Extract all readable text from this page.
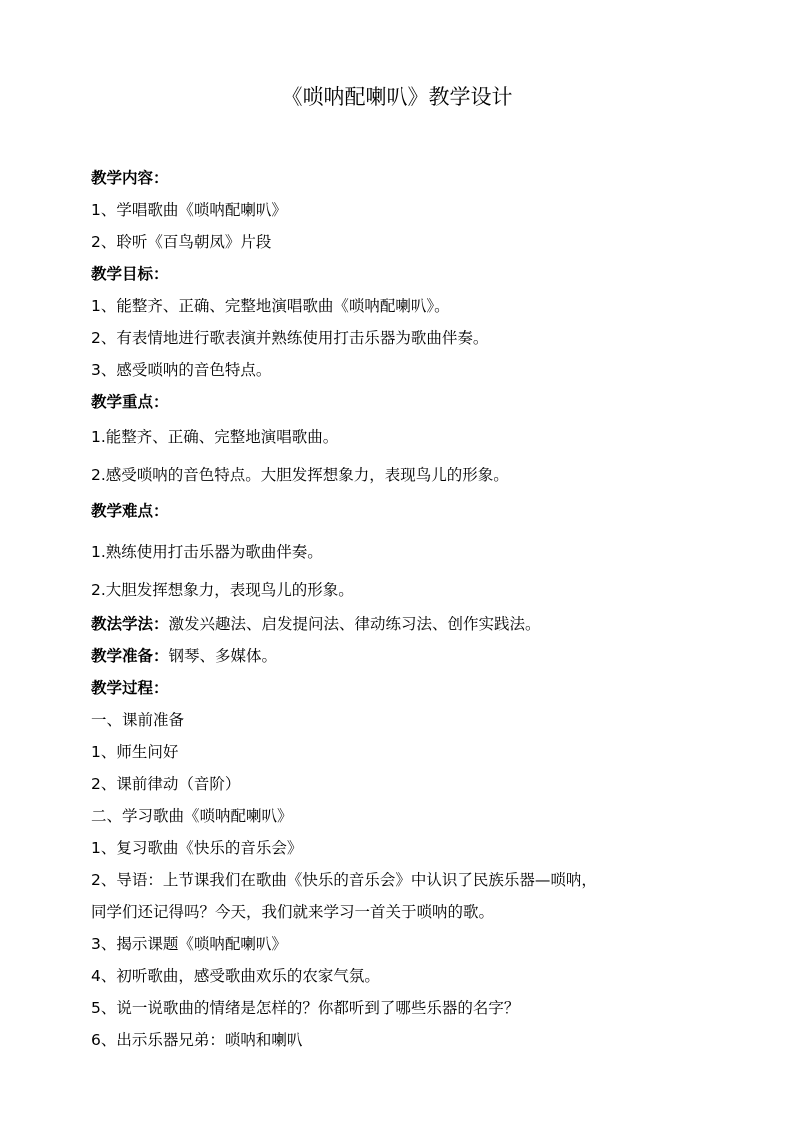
《唢呐配喇叭》教学设计

教学内容：

1、学唱歌曲《唢呐配喇叭》

2、聆听《百鸟朝凤》片段

教学目标：

1、能整齐、正确、完整地演唱歌曲《唢呐配喇叭》。

2、有表情地进行歌表演并熟练使用打击乐器为歌曲伴奏。

3、感受唢呐的音色特点。

教学重点：

1.能整齐、正确、完整地演唱歌曲。

2.感受唢呐的音色特点。大胆发挥想象力，表现鸟儿的形象。

教学难点：

1.熟练使用打击乐器为歌曲伴奏。

2.大胆发挥想象力，表现鸟儿的形象。

教法学法：激发兴趣法、启发提问法、律动练习法、创作实践法。

教学准备：钢琴、多媒体。

教学过程：

一、课前准备

1、师生问好

2、课前律动（音阶）

二、学习歌曲《唢呐配喇叭》

1、复习歌曲《快乐的音乐会》

2、导语：上节课我们在歌曲《快乐的音乐会》中认识了民族乐器—唢呐，

同学们还记得吗？今天，我们就来学习一首关于唢呐的歌。

3、揭示课题《唢呐配喇叭》

4、初听歌曲，感受歌曲欢乐的农家气氛。

5、说一说歌曲的情绪是怎样的？你都听到了哪些乐器的名字？

6、出示乐器兄弟：唢呐和喇叭
